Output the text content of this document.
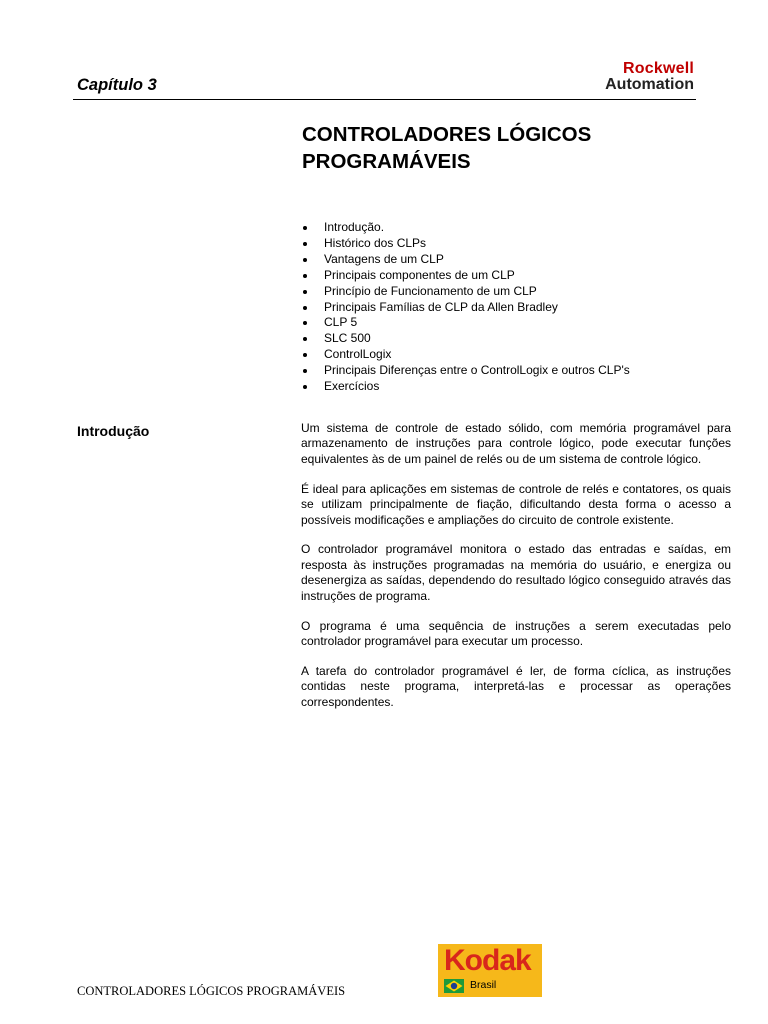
Capítulo 3
Rockwell
Automation
CONTROLADORES LÓGICOS
PROGRAMÁVEIS
Introdução.
Histórico dos CLPs
Vantagens de um CLP
Principais componentes de um CLP
Princípio de Funcionamento de um CLP
Principais Famílias de CLP da Allen Bradley
CLP 5
SLC 500
ControlLogix
Principais Diferenças entre o ControlLogix e outros CLP's
Exercícios
Introdução	Um sistema de controle de estado sólido, com memória programável para armazenamento de instruções para controle lógico, pode executar funções equivalentes às de um painel de relés ou de um sistema de controle lógico.

É ideal para aplicações em sistemas de controle de relés e contatores, os quais se utilizam principalmente de fiação, dificultando desta forma o acesso a possíveis modificações e ampliações do circuito de controle existente.

O controlador programável monitora o estado das entradas e saídas, em resposta às instruções programadas na memória do usuário, e energiza ou desenergiza as saídas, dependendo do resultado lógico conseguido através das instruções de programa.

O programa é uma sequência de instruções a serem executadas pelo controlador programável para executar um processo.

A tarefa do controlador programável é ler, de forma cíclica, as instruções contidas neste programa, interpretá-las e processar as operações correspondentes.

CONTROLADORES LÓGICOS PROGRAMÁVEIS
Kodak
Brasil
